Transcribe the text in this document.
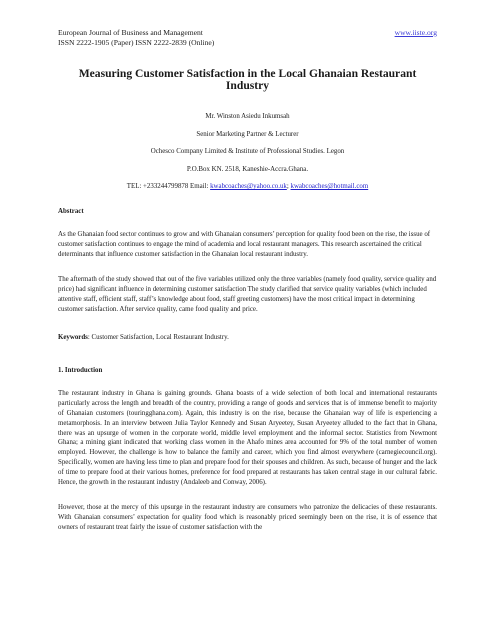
European Journal of Business and Management	www.iiste.org
ISSN 2222-1905 (Paper) ISSN 2222-2839 (Online)
Measuring Customer Satisfaction in the Local Ghanaian Restaurant Industry

Mr. Winston Asiedu Inkumsah

Senior Marketing Partner & Lecturer

Ochesco Company Limited & Institute of Professional Studies. Legon

P.O.Box KN. 2518, Kaneshie-Accra.Ghana.

TEL: +233244799878 Email: kwabcoaches@yahoo.co.uk; kwabcoaches@hotmail.com

Abstract

As the Ghanaian food sector continues to grow and with Ghanaian consumers’ perception for quality food been on the rise, the issue of customer satisfaction continues to engage the mind of academia and local restaurant managers. This research ascertained the critical determinants that influence customer satisfaction in the Ghanaian local restaurant industry.

The aftermath of the study showed that out of the five variables utilized only the three variables (namely food quality, service quality and price) had significant influence in determining customer satisfaction The study clarified that service quality variables (which included attentive staff, efficient staff, staff’s knowledge about food, staff greeting customers) have the most critical impact in determining customer satisfaction. After service quality, came food quality and price.

Keywords: Customer Satisfaction, Local Restaurant Industry.

1. Introduction

The restaurant industry in Ghana is gaining grounds. Ghana boasts of a wide selection of both local and international restaurants particularly across the length and breadth of the country, providing a range of goods and services that is of immense benefit to majority of Ghanaian customers (touringghana.com). Again, this industry is on the rise, because the Ghanaian way of life is experiencing a metamorphosis. In an interview between Julia Taylor Kennedy and Susan Aryeetey, Susan Aryeetey alluded to the fact that in Ghana, there was an upsurge of women in the corporate world, middle level employment and the informal sector. Statistics from Newmont Ghana; a mining giant indicated that working class women in the Ahafo mines area accounted for 9% of the total number of women employed. However, the challenge is how to balance the family and career, which you find almost everywhere (carnegiecouncil.org). Specifically, women are having less time to plan and prepare food for their spouses and children. As such, because of hunger and the lack of time to prepare food at their various homes, preference for food prepared at restaurants has taken central stage in our cultural fabric. Hence, the growth in the restaurant industry (Andaleeb and Conway, 2006).

However, those at the mercy of this upsurge in the restaurant industry are consumers who patronize the delicacies of these restaurants. With Ghanaian consumers’ expectation for quality food which is reasonably priced seemingly been on the rise, it is of essence that owners of restaurant treat fairly the issue of customer satisfaction with the
